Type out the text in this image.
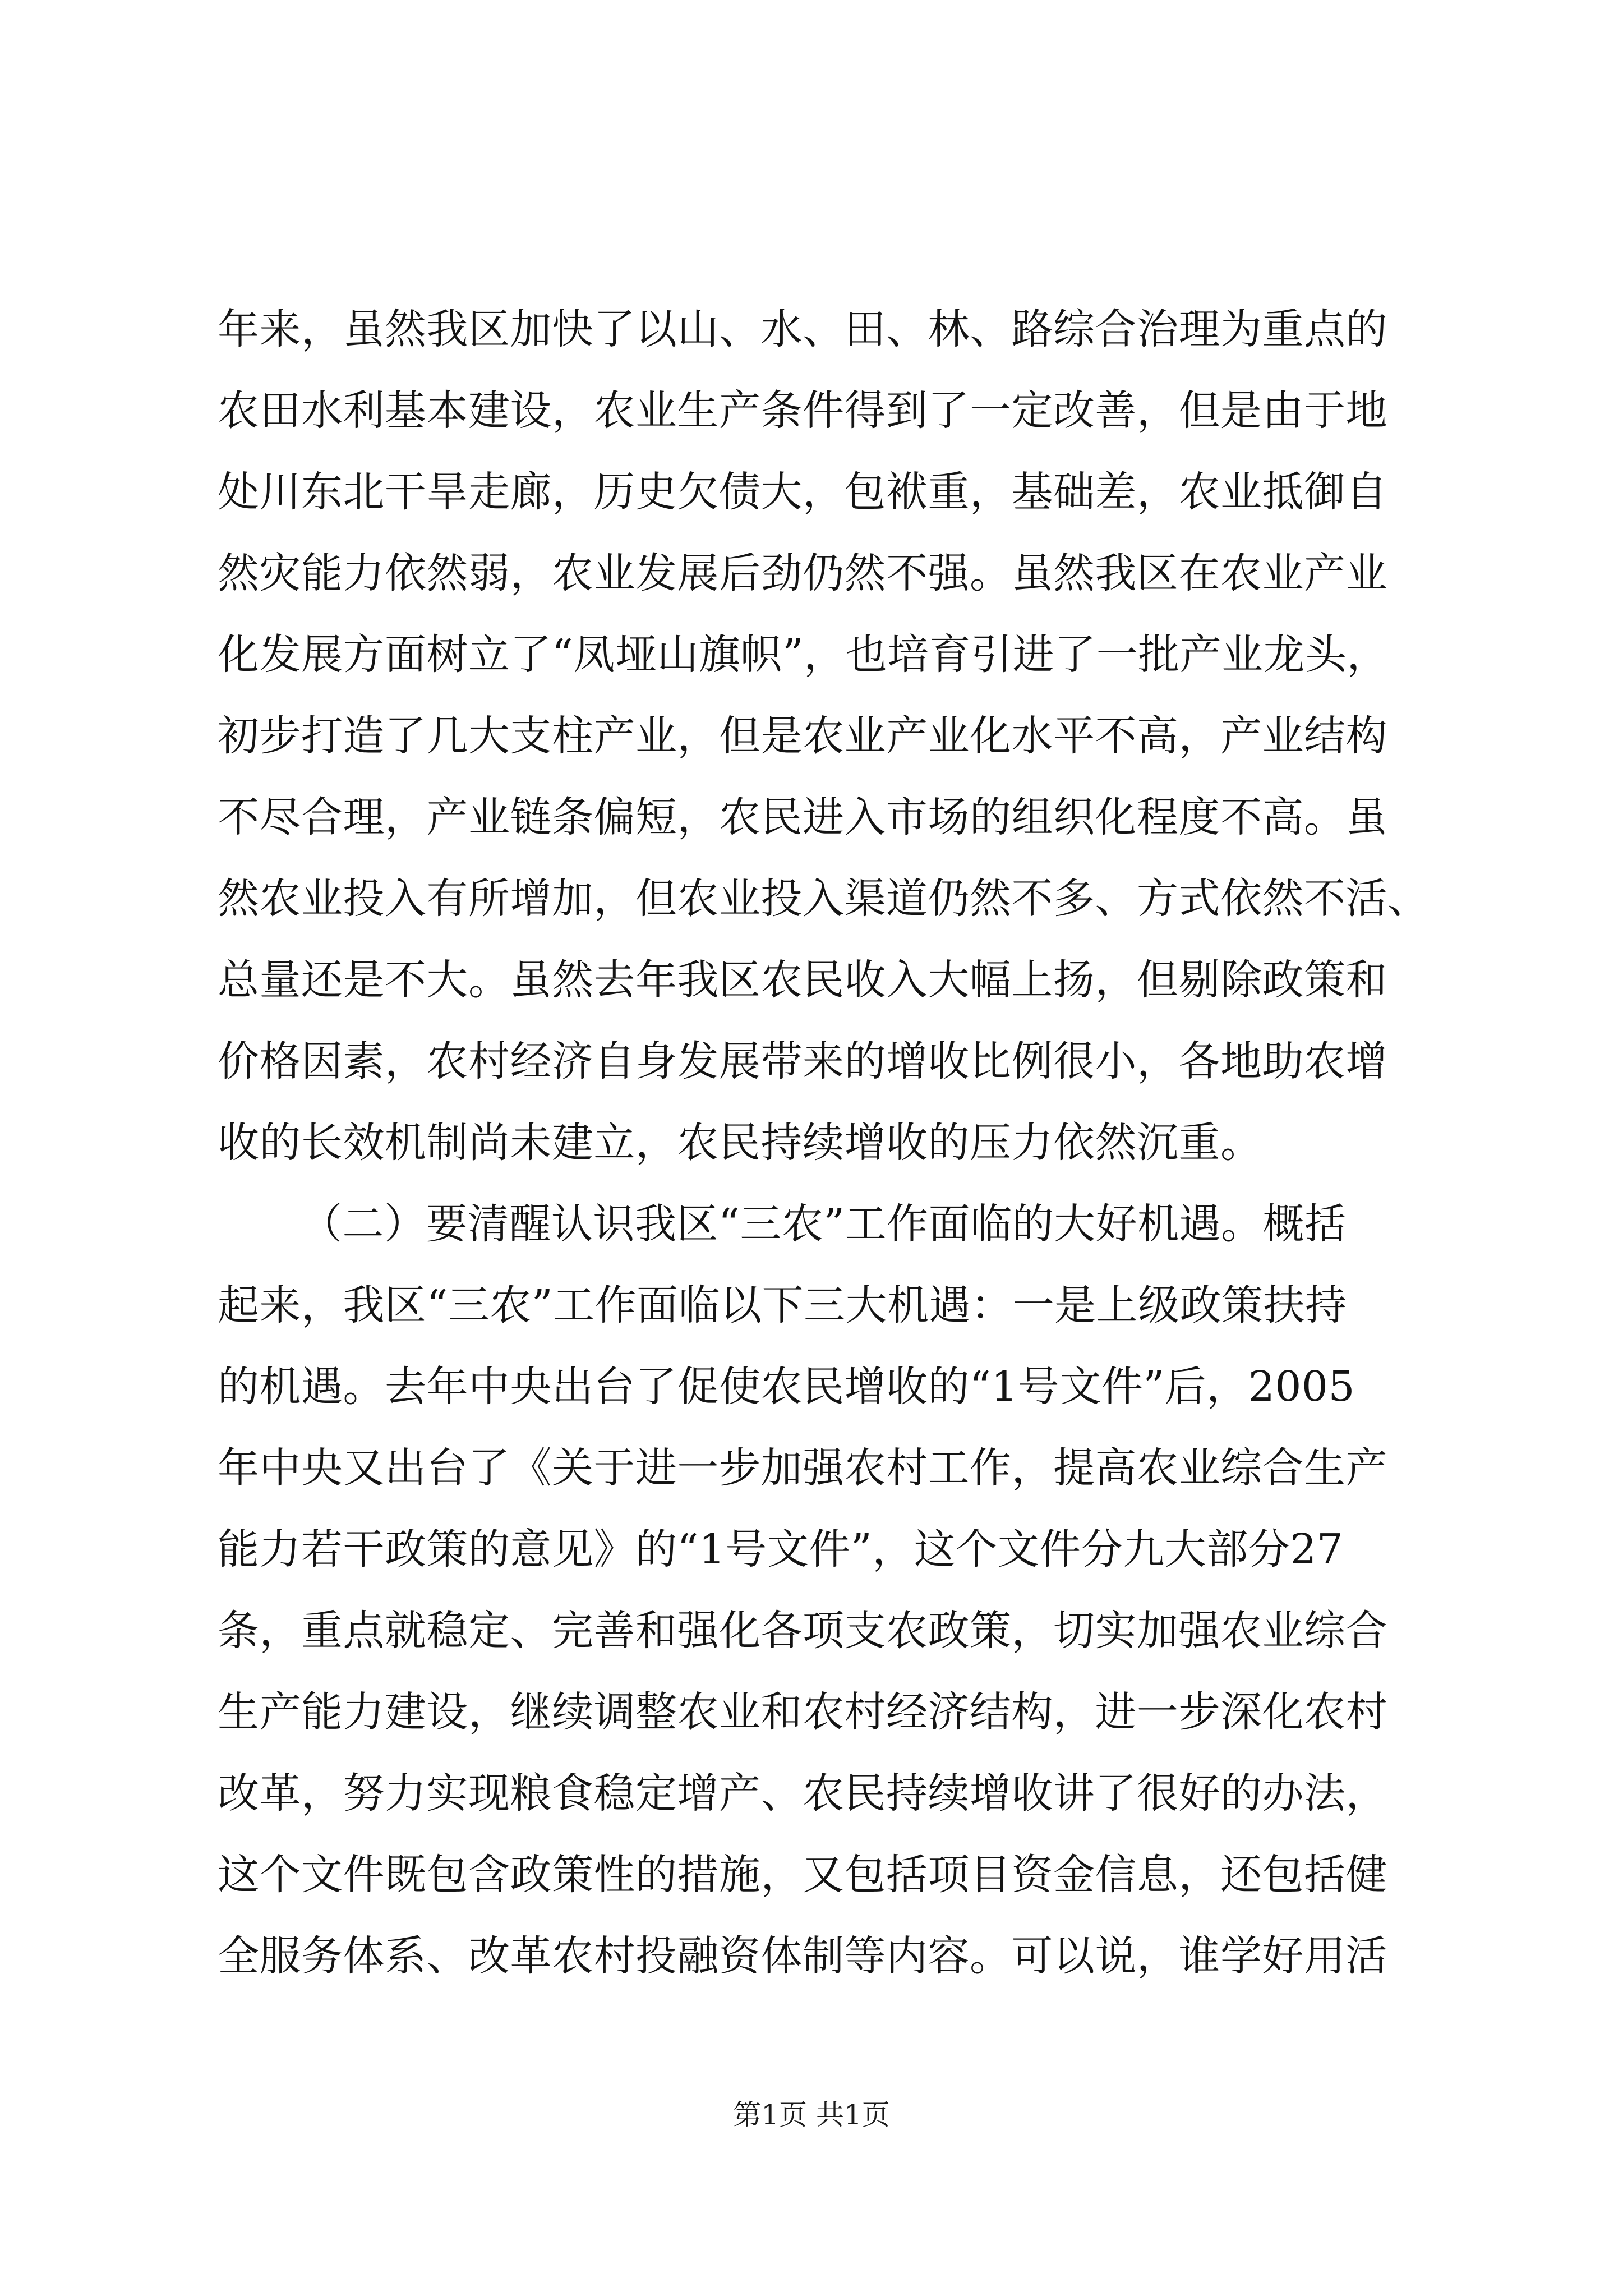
年来，虽然我区加快了以山、水、田、林、路综合治理为重点的
农田水利基本建设，农业生产条件得到了一定改善，但是由于地
处川东北干旱走廊，历史欠债大，包袱重，基础差，农业抵御自
然灾能力依然弱，农业发展后劲仍然不强。虽然我区在农业产业
化发展方面树立了“凤垭山旗帜”，也培育引进了一批产业龙头，
初步打造了几大支柱产业，但是农业产业化水平不高，产业结构
不尽合理，产业链条偏短，农民进入市场的组织化程度不高。虽
然农业投入有所增加，但农业投入渠道仍然不多、方式依然不活、
总量还是不大。虽然去年我区农民收入大幅上扬，但剔除政策和
价格因素，农村经济自身发展带来的增收比例很小，各地助农增
收的长效机制尚未建立，农民持续增收的压力依然沉重。
（二）要清醒认识我区“三农”工作面临的大好机遇。概括
起来，我区“三农”工作面临以下三大机遇：一是上级政策扶持
的机遇。去年中央出台了促使农民增收的“1号文件”后，2005
年中央又出台了《关于进一步加强农村工作，提高农业综合生产
能力若干政策的意见》的“1号文件”，这个文件分九大部分27
条，重点就稳定、完善和强化各项支农政策，切实加强农业综合
生产能力建设，继续调整农业和农村经济结构，进一步深化农村
改革，努力实现粮食稳定增产、农民持续增收讲了很好的办法，
这个文件既包含政策性的措施，又包括项目资金信息，还包括健
全服务体系、改革农村投融资体制等内容。可以说，谁学好用活
第1页 共1页
